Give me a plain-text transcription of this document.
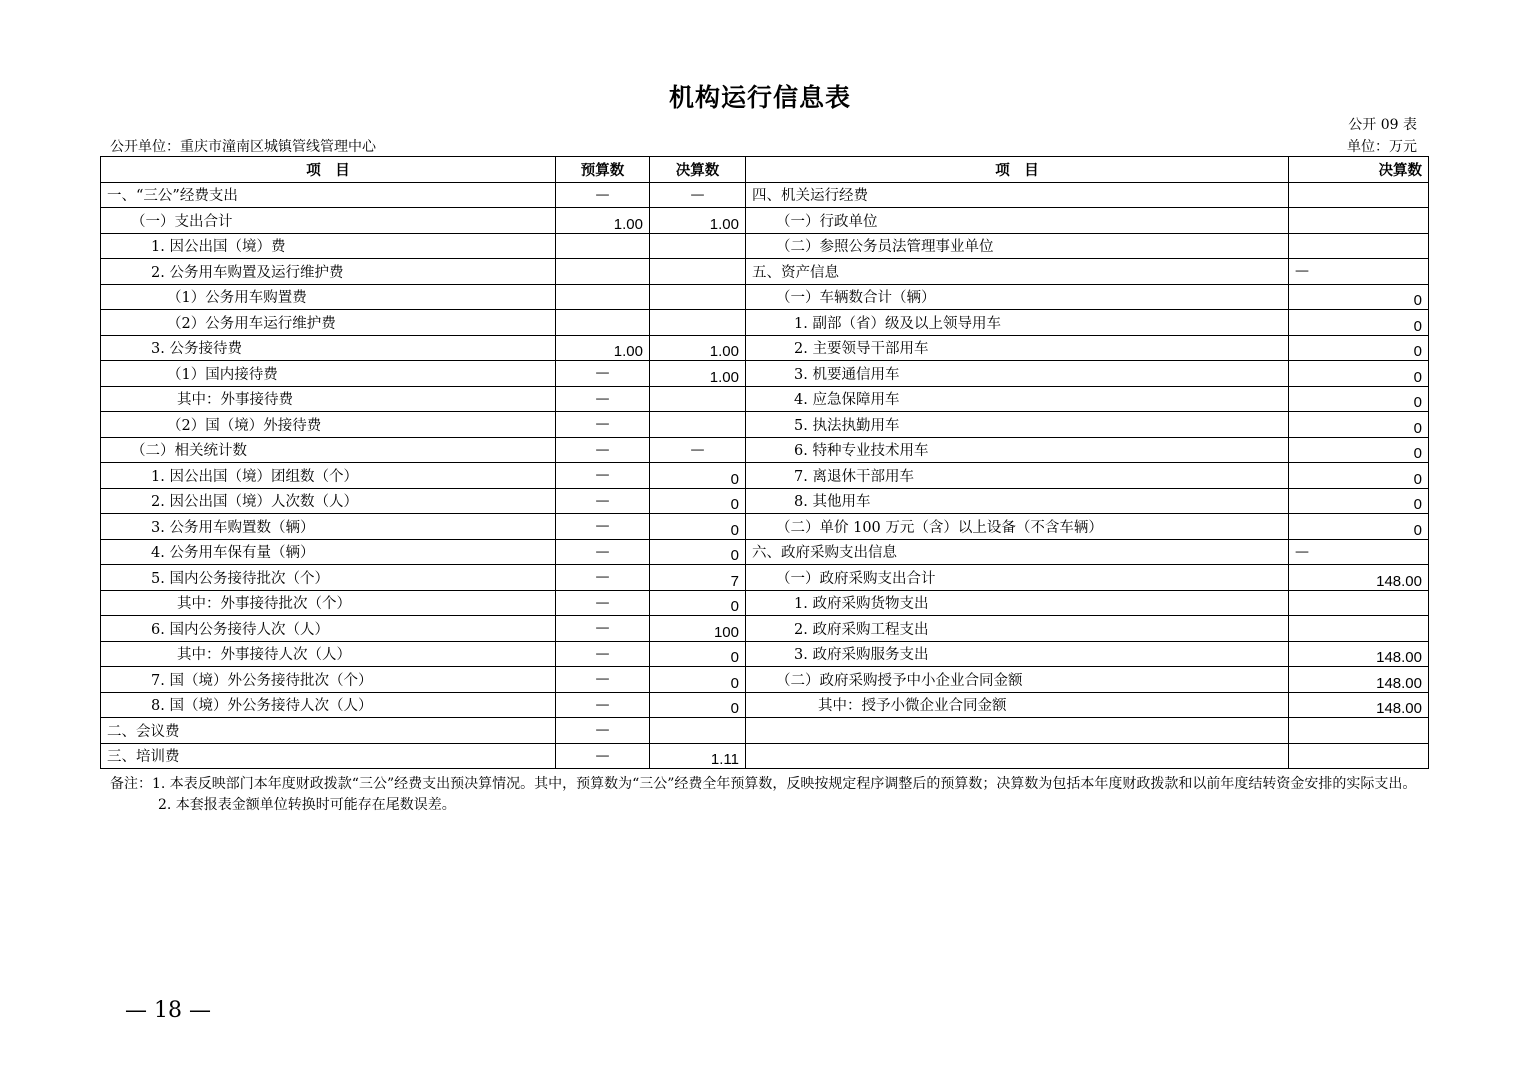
机构运行信息表
公开 09 表
公开单位：重庆市潼南区城镇管线管理中心	单位：万元
项　目	预算数	决算数	项　目	决算数
一、“三公”经费支出	—	—	四、机关运行经费	
（一）支出合计	1.00	1.00	（一）行政单位	
1. 因公出国（境）费			（二）参照公务员法管理事业单位	
2. 公务用车购置及运行维护费			五、资产信息	—
（1）公务用车购置费			（一）车辆数合计（辆）	0
（2）公务用车运行维护费			1. 副部（省）级及以上领导用车	0
3. 公务接待费	1.00	1.00	2. 主要领导干部用车	0
（1）国内接待费	—	1.00	3. 机要通信用车	0
其中：外事接待费	—		4. 应急保障用车	0
（2）国（境）外接待费	—		5. 执法执勤用车	0
（二）相关统计数	—	—	6. 特种专业技术用车	0
1. 因公出国（境）团组数（个）	—	0	7. 离退休干部用车	0
2. 因公出国（境）人次数（人）	—	0	8. 其他用车	0
3. 公务用车购置数（辆）	—	0	（二）单价 100 万元（含）以上设备（不含车辆）	0
4. 公务用车保有量（辆）	—	0	六、政府采购支出信息	—
5. 国内公务接待批次（个）	—	7	（一）政府采购支出合计	148.00
其中：外事接待批次（个）	—	0	1. 政府采购货物支出	
6. 国内公务接待人次（人）	—	100	2. 政府采购工程支出	
其中：外事接待人次（人）	—	0	3. 政府采购服务支出	148.00
7. 国（境）外公务接待批次（个）	—	0	（二）政府采购授予中小企业合同金额	148.00
8. 国（境）外公务接待人次（人）	—	0	其中：授予小微企业合同金额	148.00
二、会议费	—			
三、培训费	—	1.11		
备注：1. 本表反映部门本年度财政拨款“三公”经费支出预决算情况。其中，预算数为“三公”经费全年预算数，反映按规定程序调整后的预算数；决算数为包括本年度财政拨款和以前年度结转资金安排的实际支出。
2. 本套报表金额单位转换时可能存在尾数误差。
— 18 —
